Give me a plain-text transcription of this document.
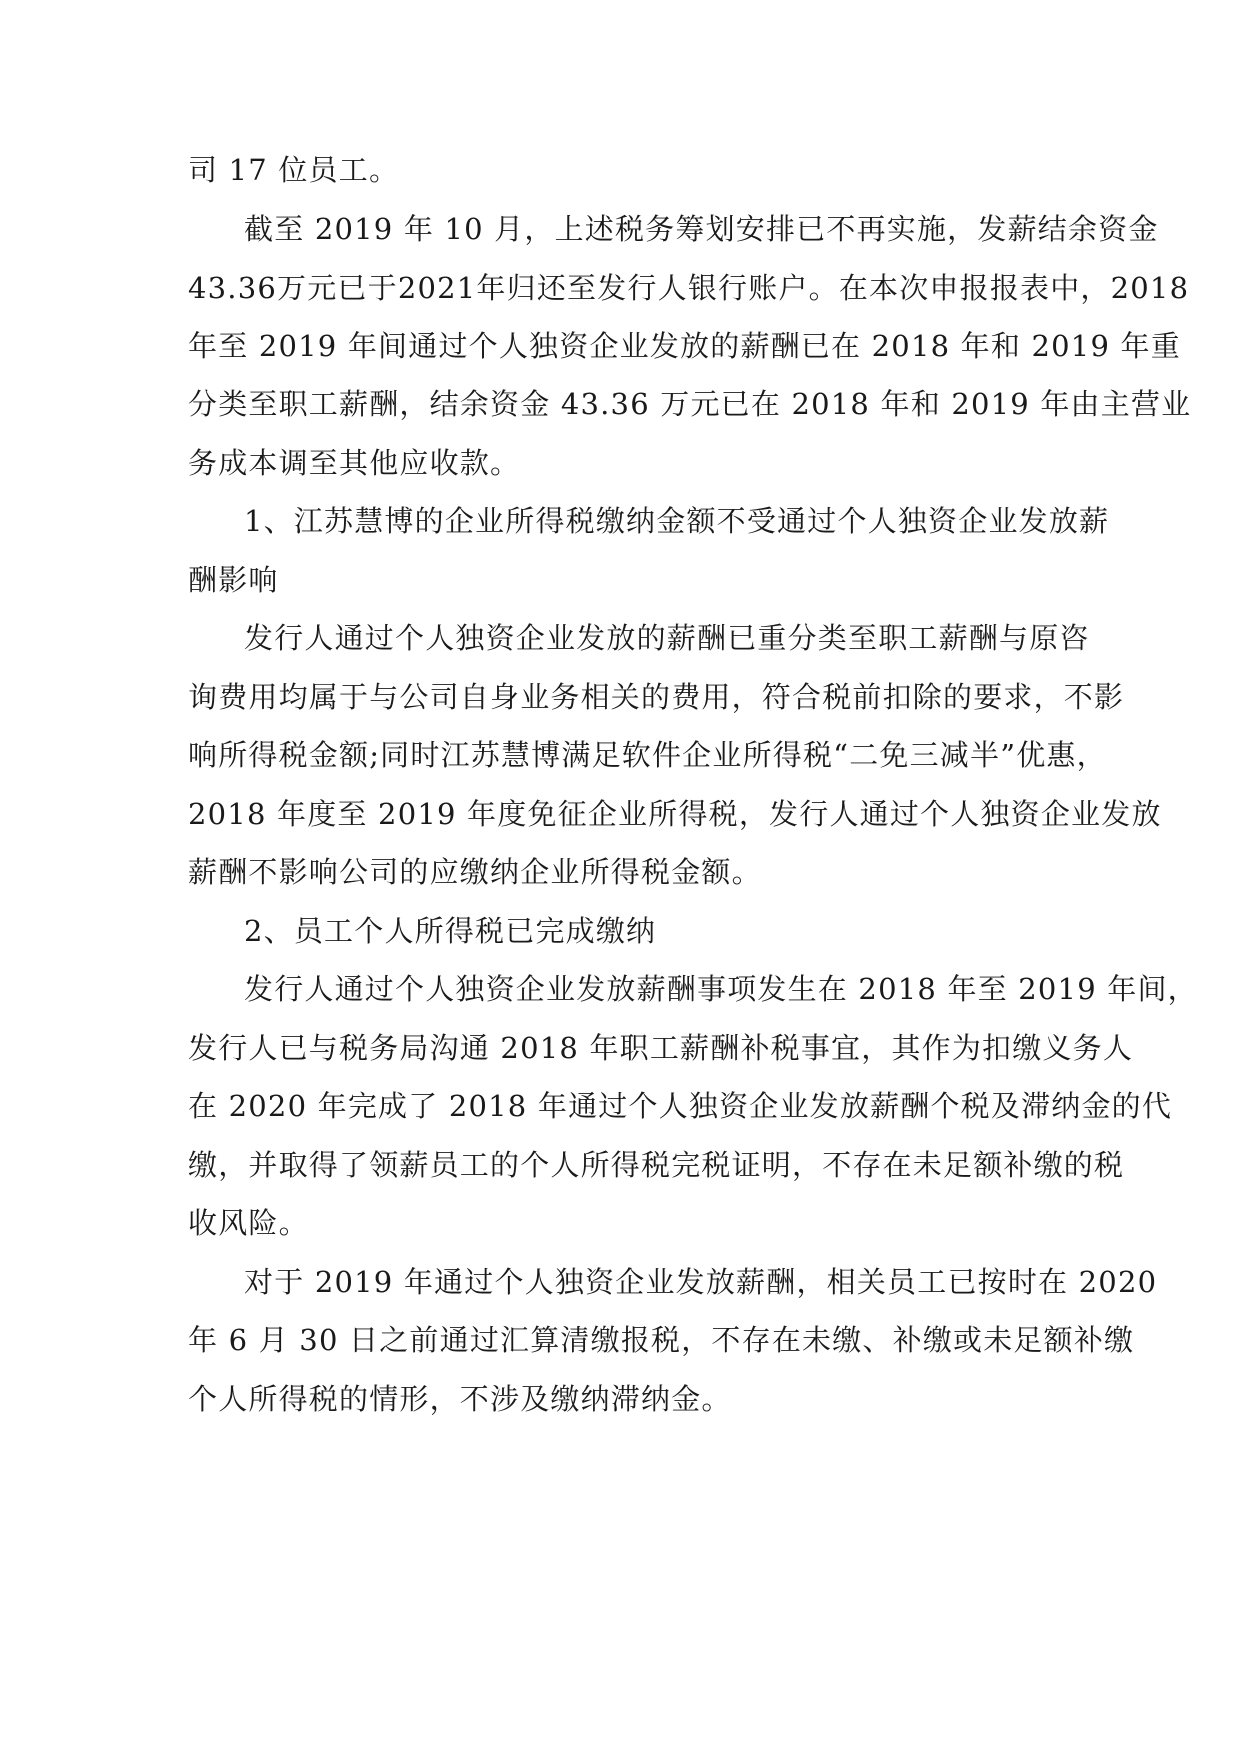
司 17 位员工。
截至 2019 年 10 月，上述税务筹划安排已不再实施，发薪结余资金
43.36万元已于2021年归还至发行人银行账户。在本次申报报表中，2018
年至 2019 年间通过个人独资企业发放的薪酬已在 2018 年和 2019 年重
分类至职工薪酬，结余资金 43.36 万元已在 2018 年和 2019 年由主营业
务成本调至其他应收款。
1、江苏慧博的企业所得税缴纳金额不受通过个人独资企业发放薪
酬影响
发行人通过个人独资企业发放的薪酬已重分类至职工薪酬与原咨
询费用均属于与公司自身业务相关的费用，符合税前扣除的要求，不影
响所得税金额;同时江苏慧博满足软件企业所得税“二免三减半”优惠，
2018 年度至 2019 年度免征企业所得税，发行人通过个人独资企业发放
薪酬不影响公司的应缴纳企业所得税金额。
2、员工个人所得税已完成缴纳
发行人通过个人独资企业发放薪酬事项发生在 2018 年至 2019 年间，
发行人已与税务局沟通 2018 年职工薪酬补税事宜，其作为扣缴义务人
在 2020 年完成了 2018 年通过个人独资企业发放薪酬个税及滞纳金的代
缴，并取得了领薪员工的个人所得税完税证明，不存在未足额补缴的税
收风险。
对于 2019 年通过个人独资企业发放薪酬，相关员工已按时在 2020
年 6 月 30 日之前通过汇算清缴报税，不存在未缴、补缴或未足额补缴
个人所得税的情形，不涉及缴纳滞纳金。
